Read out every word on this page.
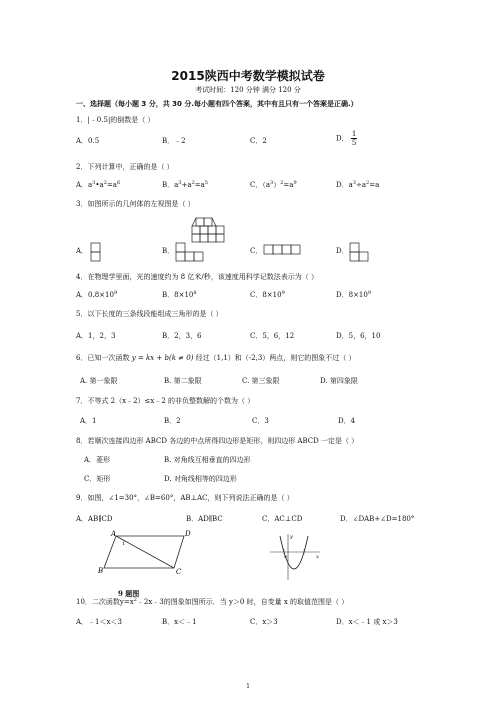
2015陕西中考数学模拟试卷
考试时间：120 分钟 满分 120 分
一、选择题（每小题 3 分，共 30 分.每小题有四个答案，其中有且只有一个答案是正确.）
1．|﹣0.5|的倒数是（ ）
A．0.5	B．﹣2	C．2	D． $\frac{1}{5}$
2．下列计算中，正确的是（ ）
A．$a^3•a^2=a^6$	B．$a^3+a^2=a^5$	C．$(a^3)^2=a^9$	D．$a^3\div a^2=a$
3．如图所示的几何体的左视图是（ ）
A．	B．	C．	D．
4．在物理学里面，光的速度约为 8 亿米/秒，该速度用科学记数法表示为（ ）
A．$0.8\times 10^9$	B．$8\times 10^8$	C．$8\times 10^9$	D．$8\times 10^9$
5．以下长度的三条线段能组成三角形的是（ ）
A．1，2，3	B．2，3，6	C．5，6，12	D．5，6，10
6．已知一次函数 y = kx + b(k ≠ 0) 经过（1,1）和（-2,3）两点，则它的图象不过（ ）
A. 第一象限	B. 第二象限	C. 第三象限	D. 第四象限
7．不等式 2（x﹣2）≤x﹣2 的非负整数解的个数为（ ）
A．1	B．2	C．3	D．4
8．若顺次连接四边形 ABCD 各边的中点所得四边形是矩形，则四边形 ABCD 一定是（ ）
A．菱形	B. 对角线互相垂直的四边形
C．矩形	D. 对角线相等的四边形
9．如图，∠1=30°，∠B=60°，AB⊥AC，则下列说法正确的是（ ）
A．AB∥CD	B．AD∥BC	C．AC⊥CD	D．∠DAB+∠D=180°
A	D
B	C
1
9 题图
y
x
O
10．二次函数$y=x^2﹣2x﹣3$的图象如图所示．当 y＞0 时，自变量 x 的取值范围是（ ）
A．﹣1＜x＜3	B．x＜﹣1	C．x＞3	D．x＜﹣1 或 x＞3
1
